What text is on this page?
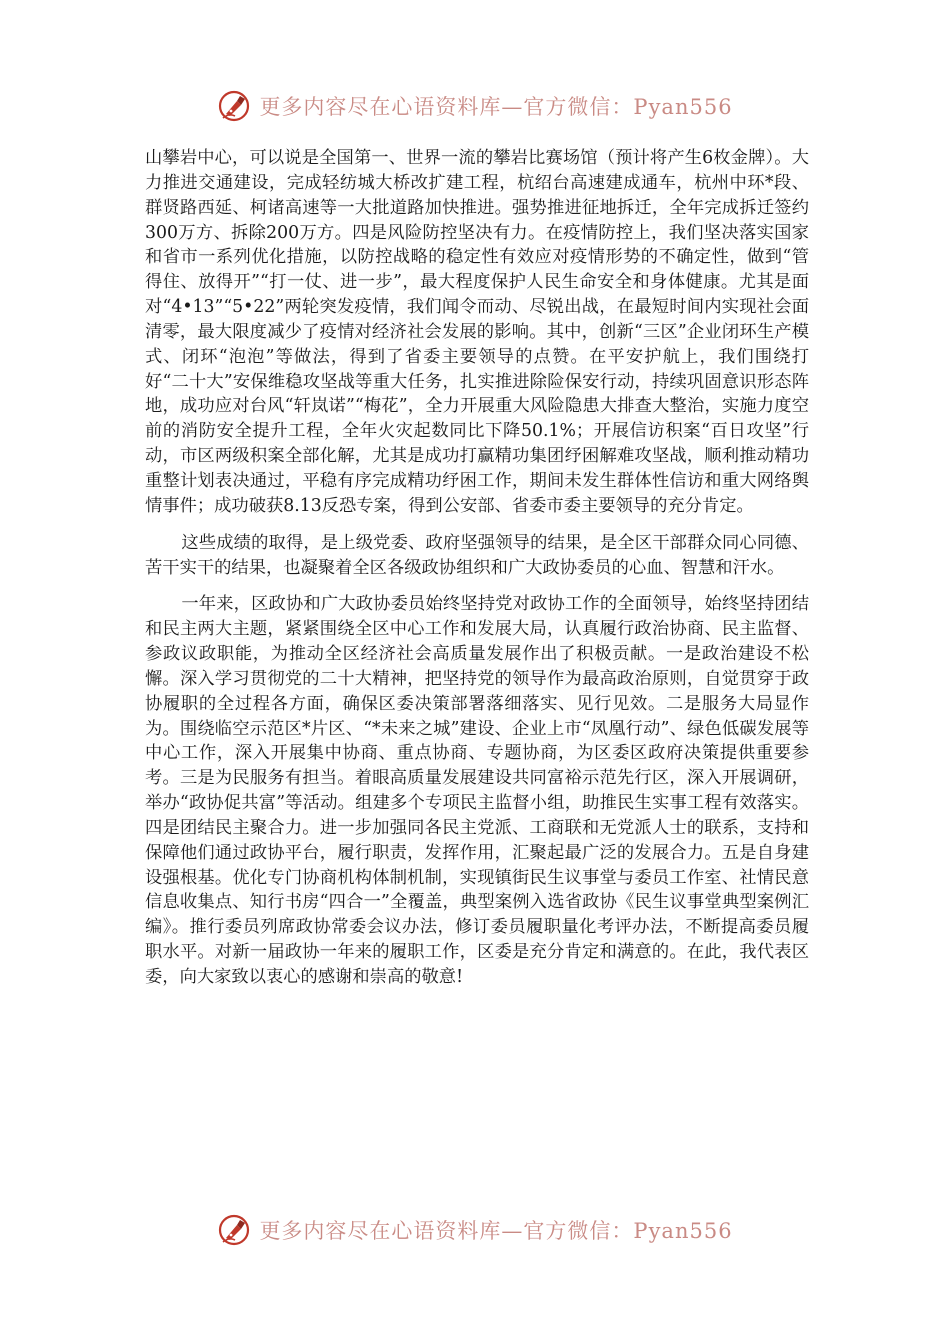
更多内容尽在心语资料库—官方微信：Pyan556

山攀岩中心，可以说是全国第一、世界一流的攀岩比赛场馆（预计将产生6枚金牌）。大力推进交通建设，完成轻纺城大桥改扩建工程，杭绍台高速建成通车，杭州中环*段、群贤路西延、柯诸高速等一大批道路加快推进。强势推进征地拆迁，全年完成拆迁签约300万方、拆除200万方。四是风险防控坚决有力。在疫情防控上，我们坚决落实国家和省市一系列优化措施，以防控战略的稳定性有效应对疫情形势的不确定性，做到“管得住、放得开”“打一仗、进一步”，最大程度保护人民生命安全和身体健康。尤其是面对“4•13”“5•22”两轮突发疫情，我们闻令而动、尽锐出战，在最短时间内实现社会面清零，最大限度减少了疫情对经济社会发展的影响。其中，创新“三区”企业闭环生产模式、闭环“泡泡”等做法，得到了省委主要领导的点赞。在平安护航上，我们围绕打好“二十大”安保维稳攻坚战等重大任务，扎实推进除险保安行动，持续巩固意识形态阵地，成功应对台风“轩岚诺”“梅花”，全力开展重大风险隐患大排查大整治，实施力度空前的消防安全提升工程，全年火灾起数同比下降50.1%；开展信访积案“百日攻坚”行动，市区两级积案全部化解，尤其是成功打赢精功集团纾困解难攻坚战，顺利推动精功重整计划表决通过，平稳有序完成精功纾困工作，期间未发生群体性信访和重大网络舆情事件；成功破获8.13反恐专案，得到公安部、省委市委主要领导的充分肯定。

这些成绩的取得，是上级党委、政府坚强领导的结果，是全区干部群众同心同德、苦干实干的结果，也凝聚着全区各级政协组织和广大政协委员的心血、智慧和汗水。

一年来，区政协和广大政协委员始终坚持党对政协工作的全面领导，始终坚持团结和民主两大主题，紧紧围绕全区中心工作和发展大局，认真履行政治协商、民主监督、参政议政职能，为推动全区经济社会高质量发展作出了积极贡献。一是政治建设不松懈。深入学习贯彻党的二十大精神，把坚持党的领导作为最高政治原则，自觉贯穿于政协履职的全过程各方面，确保区委决策部署落细落实、见行见效。二是服务大局显作为。围绕临空示范区*片区、“*未来之城”建设、企业上市“凤凰行动”、绿色低碳发展等中心工作，深入开展集中协商、重点协商、专题协商，为区委区政府决策提供重要参考。三是为民服务有担当。着眼高质量发展建设共同富裕示范先行区，深入开展调研，举办“政协促共富”等活动。组建多个专项民主监督小组，助推民生实事工程有效落实。四是团结民主聚合力。进一步加强同各民主党派、工商联和无党派人士的联系，支持和保障他们通过政协平台，履行职责，发挥作用，汇聚起最广泛的发展合力。五是自身建设强根基。优化专门协商机构体制机制，实现镇街民生议事堂与委员工作室、社情民意信息收集点、知行书房“四合一”全覆盖，典型案例入选省政协《民生议事堂典型案例汇编》。推行委员列席政协常委会议办法，修订委员履职量化考评办法，不断提高委员履职水平。对新一届政协一年来的履职工作，区委是充分肯定和满意的。在此，我代表区委，向大家致以衷心的感谢和崇高的敬意!

更多内容尽在心语资料库—官方微信：Pyan556
